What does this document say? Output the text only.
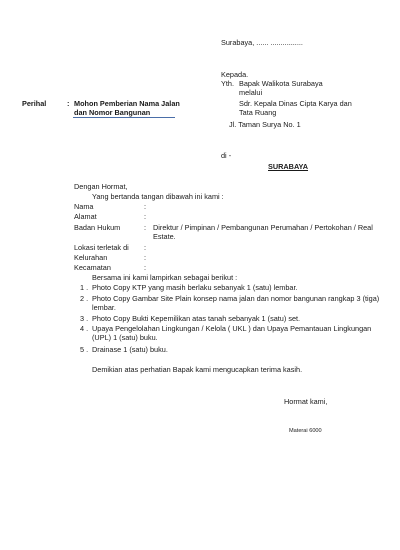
Surabaya, ...... ................
Kepada.
Yth. Bapak Walikota Surabaya
melalui
Sdr. Kepala Dinas Cipta Karya dan
Tata Ruang
Jl. Taman Surya No. 1
di -
SURABAYA
Perihal	: Mohon Pemberian Nama Jalan
dan Nomor Bangunan
Dengan Hormat,
Yang bertanda tangan dibawah ini kami :
Nama	:
Alamat	:
Badan Hukum	: Direktur / Pimpinan / Pembangunan Perumahan / Pertokohan / Real Estate.
Lokasi terletak di :
Kelurahan	:
Kecamatan	:
Bersama ini kami lampirkan sebagai berikut :
1 . Photo Copy KTP yang masih berlaku sebanyak 1 (satu) lembar.
2 . Photo Copy Gambar Site Plain konsep nama jalan dan nomor bangunan rangkap 3 (tiga) lembar.
3 . Photo Copy Bukti Kepemilikan atas tanah sebanyak 1 (satu) set.
4 . Upaya Pengelolahan Lingkungan / Kelola ( UKL ) dan Upaya Pemantauan Lingkungan (UPL) 1 (satu) buku.
5 . Drainase 1 (satu) buku.
Demikian atas perhatian Bapak kami mengucapkan terima kasih.
Hormat kami,
Materai 6000
